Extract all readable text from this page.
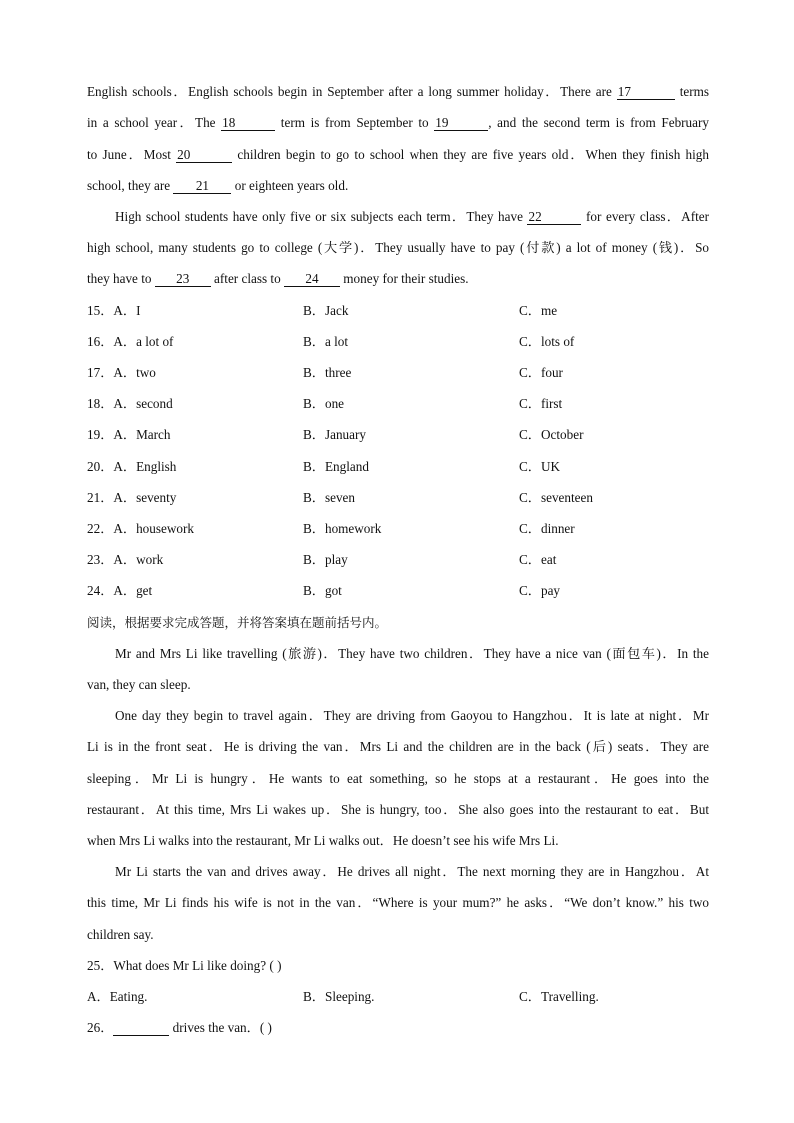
English schools．English schools begin in September after a long summer holiday．There are 17	terms
in a school year．The 18	term is from September to 19	, and the second term is from February
to June．Most 20	children begin to go to school when they are five years old．When they finish high
school, they are 21 or eighteen years old.
High school students have only five or six subjects each term．They have 22	for every class．After
high school, many students go to college (大学)．They usually have to pay (付款) a lot of money (钱)．So
they have to 23 after class to 24 money for their studies.
15．A．I	B．Jack	C．me
16．A．a lot of	B．a lot	C．lots of
17．A．two	B．three	C．four
18．A．second	B．one	C．first
19．A．March	B．January	C．October
20．A．English	B．England	C．UK
21．A．seventy	B．seven	C．seventeen
22．A．housework	B．homework	C．dinner
23．A．work	B．play	C．eat
24．A．get	B．got	C．pay
阅读，根据要求完成答题，并将答案填在题前括号内。
Mr and Mrs Li like travelling (旅游)．They have two children．They have a nice van (面包车)．In the
van, they can sleep.
One day they begin to travel again．They are driving from Gaoyou to Hangzhou．It is late at night．Mr
Li is in the front seat．He is driving the van．Mrs Li and the children are in the back (后) seats．They are
sleeping．Mr Li is hungry．He wants to eat something, so he stops at a restaurant．He goes into the
restaurant．At this time, Mrs Li wakes up．She is hungry, too．She also goes into the restaurant to eat．But
when Mrs Li walks into the restaurant, Mr Li walks out．He doesn’t see his wife Mrs Li.
Mr Li starts the van and drives away．He drives all night．The next morning they are in Hangzhou．At
this time, Mr Li finds his wife is not in the van．“Where is your mum?” he asks．“We don’t know.” his two
children say.
25．What does Mr Li like doing? ( )
A．Eating.	B．Sleeping.	C．Travelling.
26．	drives the van．( )
